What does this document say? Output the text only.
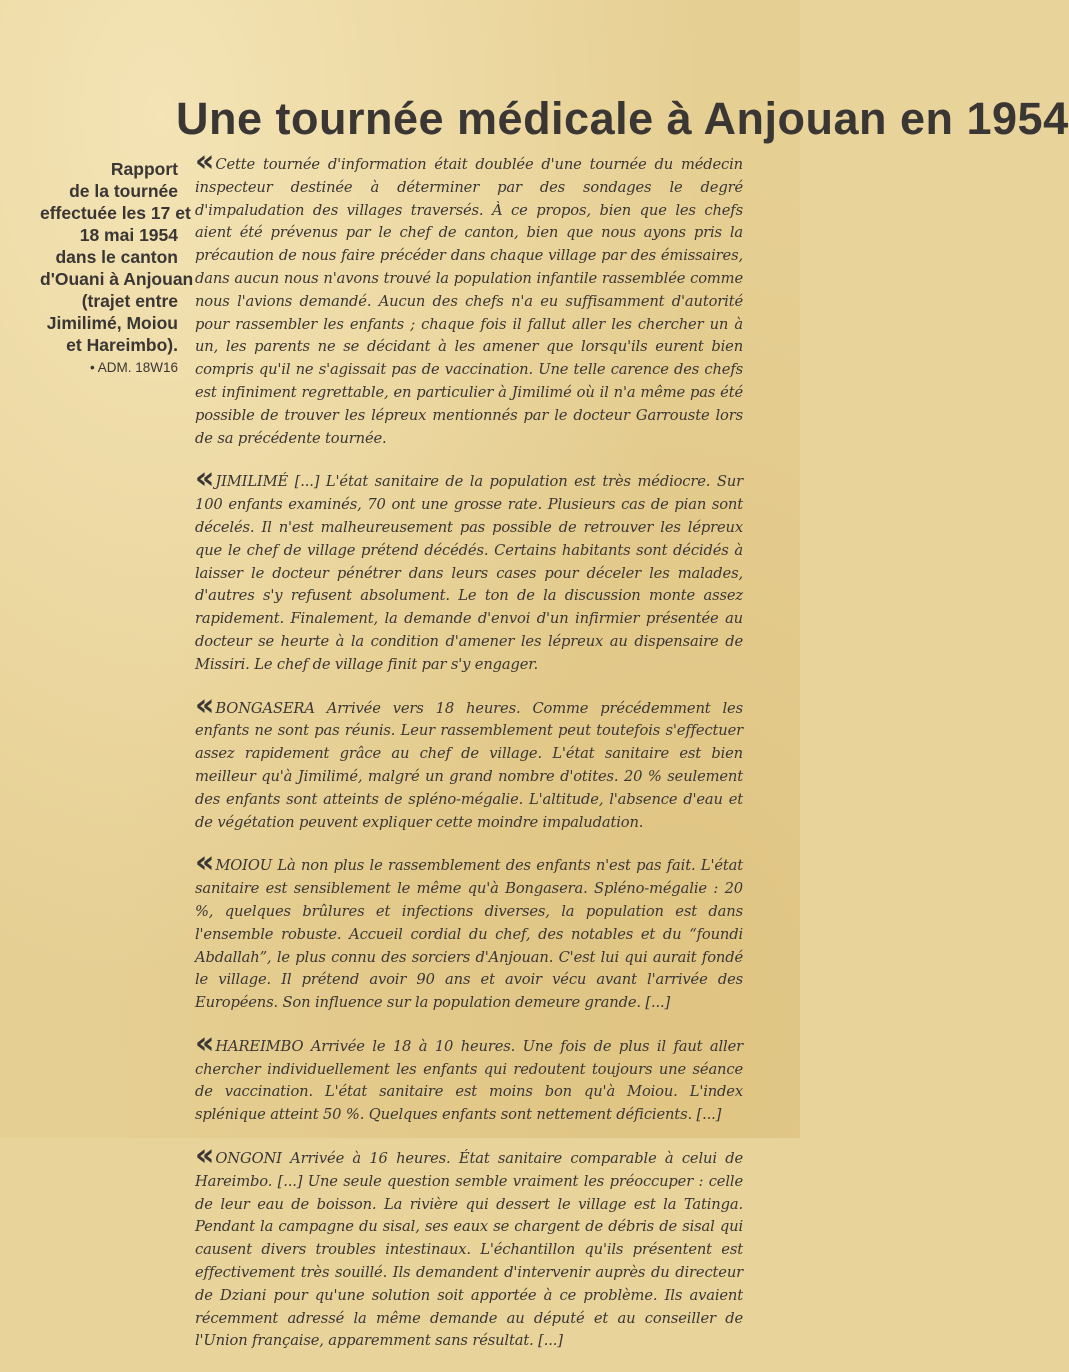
Une tournée médicale à Anjouan en 1954
Rapport
de la tournée
effectuée les 17 et
18 mai 1954
dans le canton
d'Ouani à Anjouan
(trajet entre
Jimilimé, Moiou
et Hareimbo).
• ADM. 18W16

« Cette tournée d'information était doublée d'une tournée du médecin inspecteur destinée à déterminer par des sondages le degré d'impaludation des villages traversés. À ce propos, bien que les chefs aient été prévenus par le chef de canton, bien que nous ayons pris la précaution de nous faire précéder dans chaque village par des émissaires, dans aucun nous n'avons trouvé la population infantile rassemblée comme nous l'avions demandé. Aucun des chefs n'a eu suffisamment d'autorité pour rassembler les enfants ; chaque fois il fallut aller les chercher un à un, les parents ne se décidant à les amener que lorsqu'ils eurent bien compris qu'il ne s'agissait pas de vaccination. Une telle carence des chefs est infiniment regrettable, en particulier à Jimilimé où il n'a même pas été possible de trouver les lépreux mentionnés par le docteur Garrouste lors de sa précédente tournée.

« JIMILIMÉ [...] L'état sanitaire de la population est très médiocre. Sur 100 enfants examinés, 70 ont une grosse rate. Plusieurs cas de pian sont décelés. Il n'est malheureusement pas possible de retrouver les lépreux que le chef de village prétend décédés. Certains habitants sont décidés à laisser le docteur pénétrer dans leurs cases pour déceler les malades, d'autres s'y refusent absolument. Le ton de la discussion monte assez rapidement. Finalement, la demande d'envoi d'un infirmier présentée au docteur se heurte à la condition d'amener les lépreux au dispensaire de Missiri. Le chef de village finit par s'y engager.

« BONGASERA Arrivée vers 18 heures. Comme précédemment les enfants ne sont pas réunis. Leur rassemblement peut toutefois s'effectuer assez rapidement grâce au chef de village. L'état sanitaire est bien meilleur qu'à Jimilimé, malgré un grand nombre d'otites. 20 % seulement des enfants sont atteints de spléno-mégalie. L'altitude, l'absence d'eau et de végétation peuvent expliquer cette moindre impaludation.

« MOIOU Là non plus le rassemblement des enfants n'est pas fait. L'état sanitaire est sensiblement le même qu'à Bongasera. Spléno-mégalie : 20 %, quelques brûlures et infections diverses, la population est dans l'ensemble robuste. Accueil cordial du chef, des notables et du “foundi Abdallah”, le plus connu des sorciers d'Anjouan. C'est lui qui aurait fondé le village. Il prétend avoir 90 ans et avoir vécu avant l'arrivée des Européens. Son influence sur la population demeure grande. [...]

« HAREIMBO Arrivée le 18 à 10 heures. Une fois de plus il faut aller chercher individuellement les enfants qui redoutent toujours une séance de vaccination. L'état sanitaire est moins bon qu'à Moiou. L'index splénique atteint 50 %. Quelques enfants sont nettement déficients. [...]

« ONGONI Arrivée à 16 heures. État sanitaire comparable à celui de Hareimbo. [...] Une seule question semble vraiment les préoccuper : celle de leur eau de boisson. La rivière qui dessert le village est la Tatinga. Pendant la campagne du sisal, ses eaux se chargent de débris de sisal qui causent divers troubles intestinaux. L'échantillon qu'ils présentent est effectivement très souillé. Ils demandent d'intervenir auprès du directeur de Dziani pour qu'une solution soit apportée à ce problème. Ils avaient récemment adressé la même demande au député et au conseiller de l'Union française, apparemment sans résultat. [...]
